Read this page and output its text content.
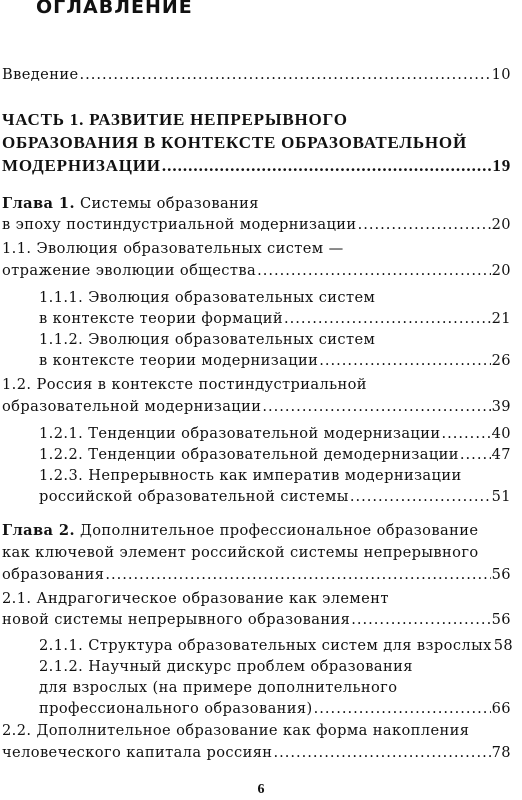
ОГЛАВЛЕНИЕ
Введение .....	10
ЧАСТЬ 1. РАЗВИТИЕ НЕПРЕРЫВНОГО
ОБРАЗОВАНИЯ В КОНТЕКСТЕ ОБРАЗОВАТЕЛЬНОЙ
МОДЕРНИЗАЦИИ .....	19
Глава 1. Системы образования
в эпоху постиндустриальной модернизации .....	20
1.1. Эволюция образовательных систем —
отражение эволюции общества .....	20
1.1.1. Эволюция образовательных систем
в контексте теории формаций .....	21
1.1.2. Эволюция образовательных систем
в контексте теории модернизации .....	26
1.2. Россия в контексте постиндустриальной
образовательной модернизации .....	39
1.2.1. Тенденции образовательной модернизации .....	40
1.2.2. Тенденции образовательной демодернизации ..... 47
1.2.3. Непрерывность как императив модернизации
российской образовательной системы .....	51
Глава 2. Дополнительное профессиональное образование
как ключевой элемент российской системы непрерывного
образования .....	56
2.1. Андрагогическое образование как элемент
новой системы непрерывного образования .....	56
2.1.1. Структура образовательных систем для взрослых 58
2.1.2. Научный дискурс проблем образования
для взрослых (на примере дополнительного
профессионального образования) .....	66
2.2. Дополнительное образование как форма накопления
человеческого капитала россиян .....	78
6
